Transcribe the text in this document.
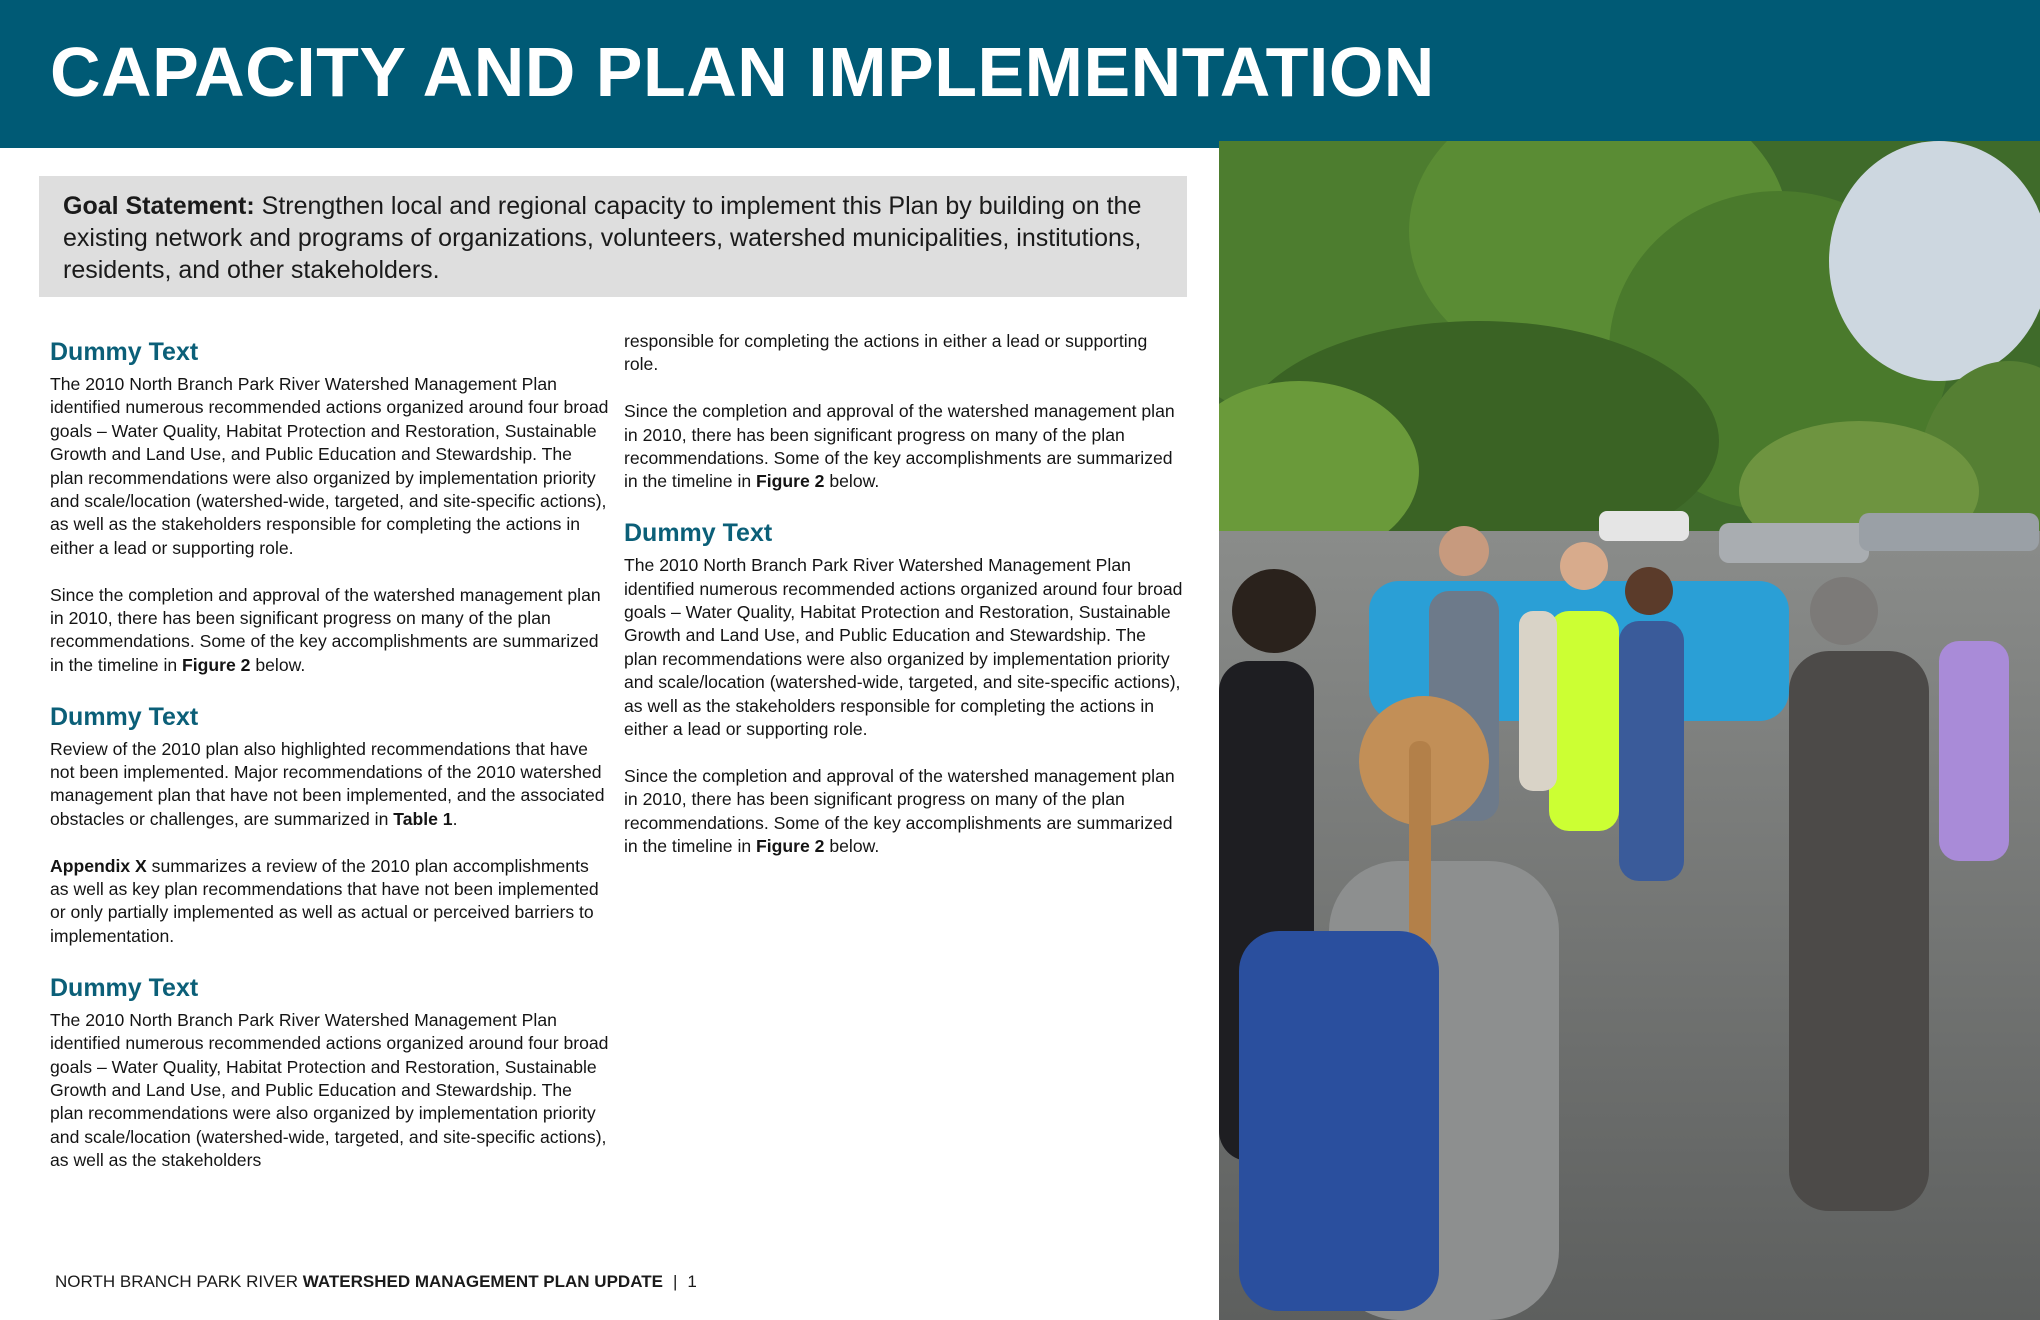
CAPACITY AND PLAN IMPLEMENTATION
Goal Statement: Strengthen local and regional capacity to implement this Plan by building on the existing network and programs of organizations, volunteers, watershed municipalities, institutions, residents, and other stakeholders.
Dummy Text
The 2010 North Branch Park River Watershed Management Plan identified numerous recommended actions organized around four broad goals – Water Quality, Habitat Protection and Restoration, Sustainable Growth and Land Use, and Public Education and Stewardship. The plan recommendations were also organized by implementation priority and scale/location (watershed-wide, targeted, and site-specific actions), as well as the stakeholders responsible for completing the actions in either a lead or supporting role.
Since the completion and approval of the watershed management plan in 2010, there has been significant progress on many of the plan recommendations. Some of the key accomplishments are summarized in the timeline in Figure 2 below.
Dummy Text
Review of the 2010 plan also highlighted recommendations that have not been implemented. Major recommendations of the 2010 watershed management plan that have not been implemented, and the associated obstacles or challenges, are summarized in Table 1.
Appendix X summarizes a review of the 2010 plan accomplishments as well as key plan recommendations that have not been implemented or only partially implemented as well as actual or perceived barriers to implementation.
Dummy Text
The 2010 North Branch Park River Watershed Management Plan identified numerous recommended actions organized around four broad goals – Water Quality, Habitat Protection and Restoration, Sustainable Growth and Land Use, and Public Education and Stewardship. The plan recommendations were also organized by implementation priority and scale/location (watershed-wide, targeted, and site-specific actions), as well as the stakeholders
responsible for completing the actions in either a lead or supporting role.
Since the completion and approval of the watershed management plan in 2010, there has been significant progress on many of the plan recommendations. Some of the key accomplishments are summarized in the timeline in Figure 2 below.
Dummy Text
The 2010 North Branch Park River Watershed Management Plan identified numerous recommended actions organized around four broad goals – Water Quality, Habitat Protection and Restoration, Sustainable Growth and Land Use, and Public Education and Stewardship. The plan recommendations were also organized by implementation priority and scale/location (watershed-wide, targeted, and site-specific actions), as well as the stakeholders responsible for completing the actions in either a lead or supporting role.
Since the completion and approval of the watershed management plan in 2010, there has been significant progress on many of the plan recommendations. Some of the key accomplishments are summarized in the timeline in Figure 2 below.
NORTH BRANCH PARK RIVER WATERSHED MANAGEMENT PLAN UPDATE | 1
